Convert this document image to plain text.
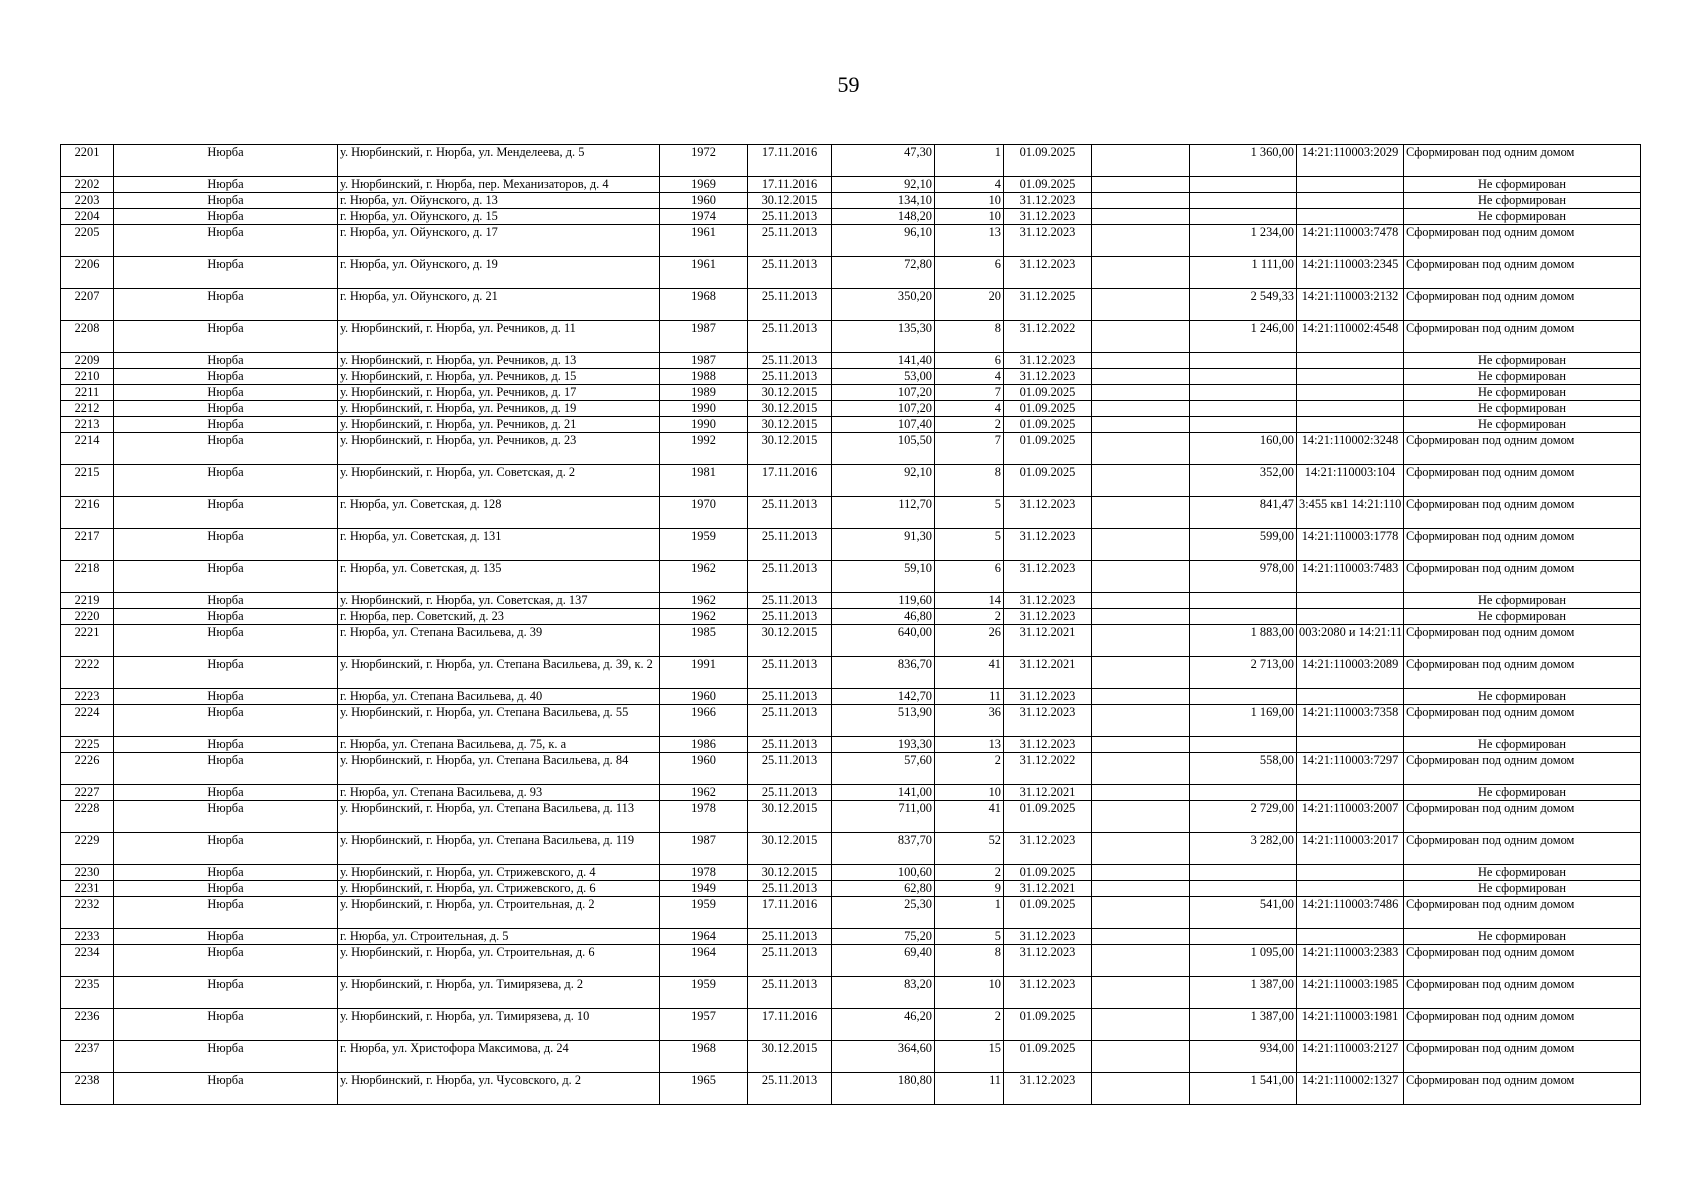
59
2201	Нюрба	у. Нюрбинский, г. Нюрба, ул. Менделеева, д. 5	1972	17.11.2016	47,30	1	01.09.2025		1 360,00	14:21:110003:2029	Сформирован под одним домом
2202	Нюрба	у. Нюрбинский, г. Нюрба, пер. Механизаторов, д. 4	1969	17.11.2016	92,10	4	01.09.2025				Не сформирован
2203	Нюрба	г. Нюрба, ул. Ойунского, д. 13	1960	30.12.2015	134,10	10	31.12.2023				Не сформирован
2204	Нюрба	г. Нюрба, ул. Ойунского, д. 15	1974	25.11.2013	148,20	10	31.12.2023				Не сформирован
2205	Нюрба	г. Нюрба, ул. Ойунского, д. 17	1961	25.11.2013	96,10	13	31.12.2023		1 234,00	14:21:110003:7478	Сформирован под одним домом
2206	Нюрба	г. Нюрба, ул. Ойунского, д. 19	1961	25.11.2013	72,80	6	31.12.2023		1 111,00	14:21:110003:2345	Сформирован под одним домом
2207	Нюрба	г. Нюрба, ул. Ойунского, д. 21	1968	25.11.2013	350,20	20	31.12.2025		2 549,33	14:21:110003:2132	Сформирован под одним домом
2208	Нюрба	у. Нюрбинский, г. Нюрба, ул. Речников, д. 11	1987	25.11.2013	135,30	8	31.12.2022		1 246,00	14:21:110002:4548	Сформирован под одним домом
2209	Нюрба	у. Нюрбинский, г. Нюрба, ул. Речников, д. 13	1987	25.11.2013	141,40	6	31.12.2023				Не сформирован
2210	Нюрба	у. Нюрбинский, г. Нюрба, ул. Речников, д. 15	1988	25.11.2013	53,00	4	31.12.2023				Не сформирован
2211	Нюрба	у. Нюрбинский, г. Нюрба, ул. Речников, д. 17	1989	30.12.2015	107,20	7	01.09.2025				Не сформирован
2212	Нюрба	у. Нюрбинский, г. Нюрба, ул. Речников, д. 19	1990	30.12.2015	107,20	4	01.09.2025				Не сформирован
2213	Нюрба	у. Нюрбинский, г. Нюрба, ул. Речников, д. 21	1990	30.12.2015	107,40	2	01.09.2025				Не сформирован
2214	Нюрба	у. Нюрбинский, г. Нюрба, ул. Речников, д. 23	1992	30.12.2015	105,50	7	01.09.2025		160,00	14:21:110002:3248	Сформирован под одним домом
2215	Нюрба	у. Нюрбинский, г. Нюрба, ул. Советская, д. 2	1981	17.11.2016	92,10	8	01.09.2025		352,00	14:21:110003:104	Сформирован под одним домом
2216	Нюрба	г. Нюрба, ул. Советская, д. 128	1970	25.11.2013	112,70	5	31.12.2023		841,47	3:455 кв1 14:21:110	Сформирован под одним домом
2217	Нюрба	г. Нюрба, ул. Советская, д. 131	1959	25.11.2013	91,30	5	31.12.2023		599,00	14:21:110003:1778	Сформирован под одним домом
2218	Нюрба	г. Нюрба, ул. Советская, д. 135	1962	25.11.2013	59,10	6	31.12.2023		978,00	14:21:110003:7483	Сформирован под одним домом
2219	Нюрба	у. Нюрбинский, г. Нюрба, ул. Советская, д. 137	1962	25.11.2013	119,60	14	31.12.2023				Не сформирован
2220	Нюрба	г. Нюрба, пер. Советский, д. 23	1962	25.11.2013	46,80	2	31.12.2023				Не сформирован
2221	Нюрба	г. Нюрба, ул. Степана Васильева, д. 39	1985	30.12.2015	640,00	26	31.12.2021		1 883,00	003:2080 и 14:21:11	Сформирован под одним домом
2222	Нюрба	у. Нюрбинский, г. Нюрба, ул. Степана Васильева, д. 39, к. 2	1991	25.11.2013	836,70	41	31.12.2021		2 713,00	14:21:110003:2089	Сформирован под одним домом
2223	Нюрба	г. Нюрба, ул. Степана Васильева, д. 40	1960	25.11.2013	142,70	11	31.12.2023				Не сформирован
2224	Нюрба	у. Нюрбинский, г. Нюрба, ул. Степана Васильева, д. 55	1966	25.11.2013	513,90	36	31.12.2023		1 169,00	14:21:110003:7358	Сформирован под одним домом
2225	Нюрба	г. Нюрба, ул. Степана Васильева, д. 75, к. а	1986	25.11.2013	193,30	13	31.12.2023				Не сформирован
2226	Нюрба	у. Нюрбинский, г. Нюрба, ул. Степана Васильева, д. 84	1960	25.11.2013	57,60	2	31.12.2022		558,00	14:21:110003:7297	Сформирован под одним домом
2227	Нюрба	г. Нюрба, ул. Степана Васильева, д. 93	1962	25.11.2013	141,00	10	31.12.2021				Не сформирован
2228	Нюрба	у. Нюрбинский, г. Нюрба, ул. Степана Васильева, д. 113	1978	30.12.2015	711,00	41	01.09.2025		2 729,00	14:21:110003:2007	Сформирован под одним домом
2229	Нюрба	у. Нюрбинский, г. Нюрба, ул. Степана Васильева, д. 119	1987	30.12.2015	837,70	52	31.12.2023		3 282,00	14:21:110003:2017	Сформирован под одним домом
2230	Нюрба	у. Нюрбинский, г. Нюрба, ул. Стрижевского, д. 4	1978	30.12.2015	100,60	2	01.09.2025				Не сформирован
2231	Нюрба	у. Нюрбинский, г. Нюрба, ул. Стрижевского, д. 6	1949	25.11.2013	62,80	9	31.12.2021				Не сформирован
2232	Нюрба	у. Нюрбинский, г. Нюрба, ул. Строительная, д. 2	1959	17.11.2016	25,30	1	01.09.2025		541,00	14:21:110003:7486	Сформирован под одним домом
2233	Нюрба	г. Нюрба, ул. Строительная, д. 5	1964	25.11.2013	75,20	5	31.12.2023				Не сформирован
2234	Нюрба	у. Нюрбинский, г. Нюрба, ул. Строительная, д. 6	1964	25.11.2013	69,40	8	31.12.2023		1 095,00	14:21:110003:2383	Сформирован под одним домом
2235	Нюрба	у. Нюрбинский, г. Нюрба, ул. Тимирязева, д. 2	1959	25.11.2013	83,20	10	31.12.2023		1 387,00	14:21:110003:1985	Сформирован под одним домом
2236	Нюрба	у. Нюрбинский, г. Нюрба, ул. Тимирязева, д. 10	1957	17.11.2016	46,20	2	01.09.2025		1 387,00	14:21:110003:1981	Сформирован под одним домом
2237	Нюрба	г. Нюрба, ул. Христофора Максимова, д. 24	1968	30.12.2015	364,60	15	01.09.2025		934,00	14:21:110003:2127	Сформирован под одним домом
2238	Нюрба	у. Нюрбинский, г. Нюрба, ул. Чусовского, д. 2	1965	25.11.2013	180,80	11	31.12.2023		1 541,00	14:21:110002:1327	Сформирован под одним домом
